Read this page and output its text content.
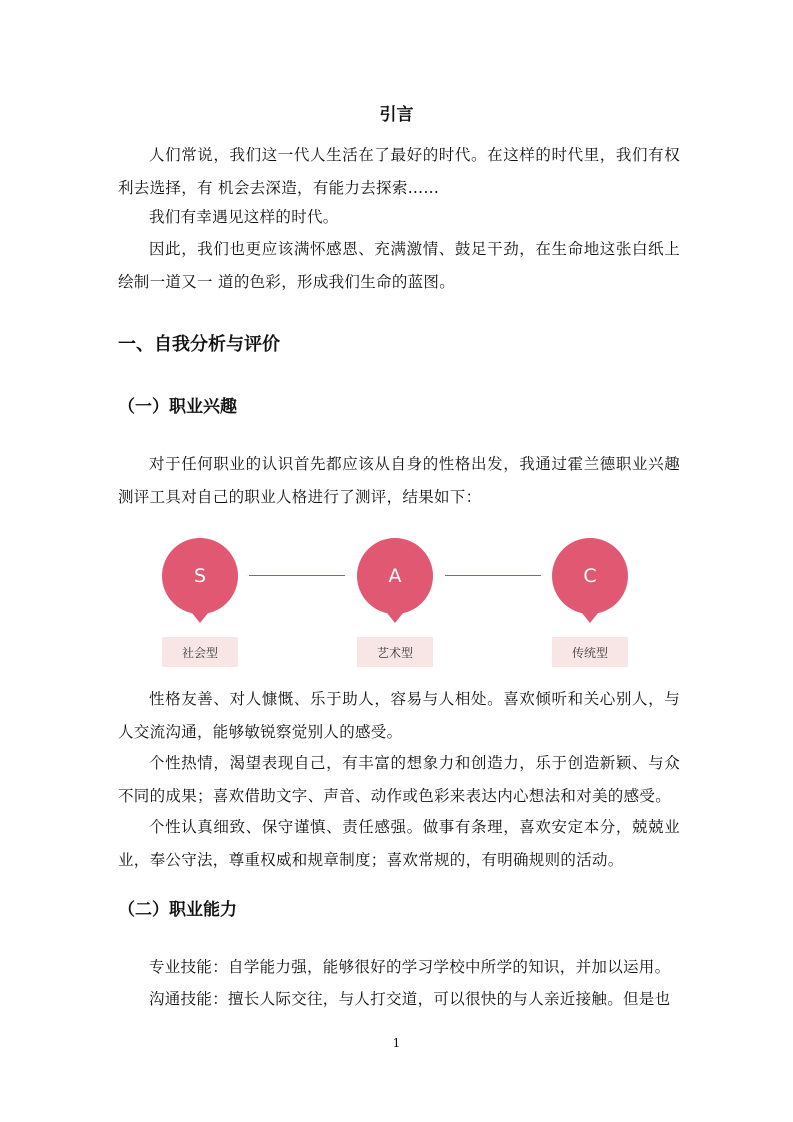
引言

人们常说，我们这一代人生活在了最好的时代。在这样的时代里，我们有权利去选择，有 机会去深造，有能力去探索……

我们有幸遇见这样的时代。

因此，我们也更应该满怀感恩、充满激情、鼓足干劲，在生命地这张白纸上绘制一道又一 道的色彩，形成我们生命的蓝图。

一、自我分析与评价
（一）职业兴趣

对于任何职业的认识首先都应该从自身的性格出发，我通过霍兰德职业兴趣测评工具对自己的职业人格进行了测评，结果如下：

S
社会型
A
艺术型
C
传统型

性格友善、对人慷慨、乐于助人，容易与人相处。喜欢倾听和关心别人，与人交流沟通，能够敏锐察觉别人的感受。

个性热情，渴望表现自己，有丰富的想象力和创造力，乐于创造新颖、与众不同的成果；喜欢借助文字、声音、动作或色彩来表达内心想法和对美的感受。

个性认真细致、保守谨慎、责任感强。做事有条理，喜欢安定本分，兢兢业业，奉公守法，尊重权威和规章制度；喜欢常规的，有明确规则的活动。

（二）职业能力

专业技能：自学能力强，能够很好的学习学校中所学的知识，并加以运用。

沟通技能：擅长人际交往，与人打交道，可以很快的与人亲近接触。但是也

1
